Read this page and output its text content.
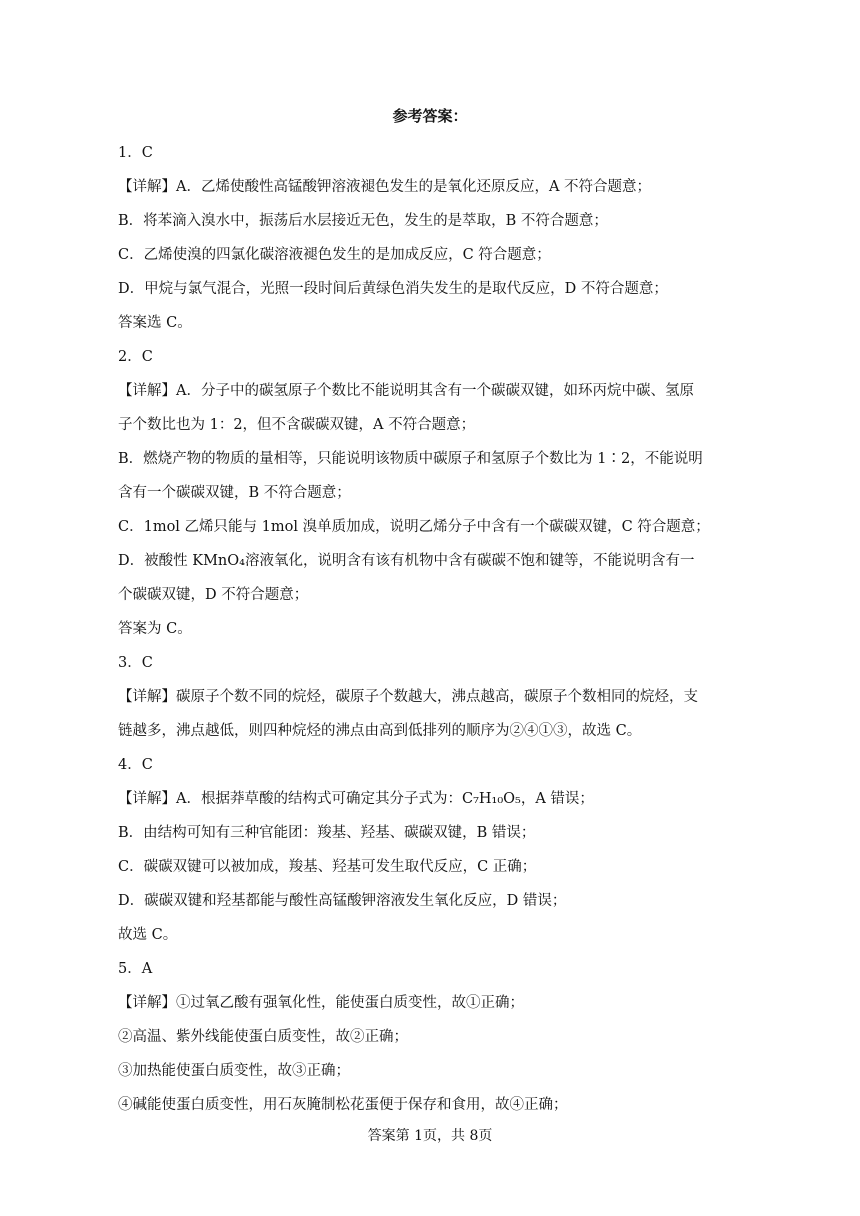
参考答案：
1．C
【详解】A．乙烯使酸性高锰酸钾溶液褪色发生的是氧化还原反应，A 不符合题意；
B．将苯滴入溴水中，振荡后水层接近无色，发生的是萃取，B 不符合题意；
C．乙烯使溴的四氯化碳溶液褪色发生的是加成反应，C 符合题意；
D．甲烷与氯气混合，光照一段时间后黄绿色消失发生的是取代反应，D 不符合题意；
答案选 C。
2．C
【详解】A．分子中的碳氢原子个数比不能说明其含有一个碳碳双键，如环丙烷中碳、氢原
子个数比也为 1：2，但不含碳碳双键，A 不符合题意；
B．燃烧产物的物质的量相等，只能说明该物质中碳原子和氢原子个数比为 1∶2，不能说明
含有一个碳碳双键，B 不符合题意；
C．1mol 乙烯只能与 1mol 溴单质加成，说明乙烯分子中含有一个碳碳双键，C 符合题意；
D．被酸性 KMnO₄溶液氧化，说明含有该有机物中含有碳碳不饱和键等，不能说明含有一
个碳碳双键，D 不符合题意；
答案为 C。
3．C
【详解】碳原子个数不同的烷烃，碳原子个数越大，沸点越高，碳原子个数相同的烷烃，支
链越多，沸点越低，则四种烷烃的沸点由高到低排列的顺序为②④①③，故选 C。
4．C
【详解】A．根据莽草酸的结构式可确定其分子式为：C₇H₁₀O₅，A 错误；
B．由结构可知有三种官能团：羧基、羟基、碳碳双键，B 错误；
C．碳碳双键可以被加成，羧基、羟基可发生取代反应，C 正确；
D．碳碳双键和羟基都能与酸性高锰酸钾溶液发生氧化反应，D 错误；
故选 C。
5．A
【详解】①过氧乙酸有强氧化性，能使蛋白质变性，故①正确；
②高温、紫外线能使蛋白质变性，故②正确；
③加热能使蛋白质变性，故③正确；
④碱能使蛋白质变性，用石灰腌制松花蛋便于保存和食用，故④正确；
答案第 1页，共 8页
